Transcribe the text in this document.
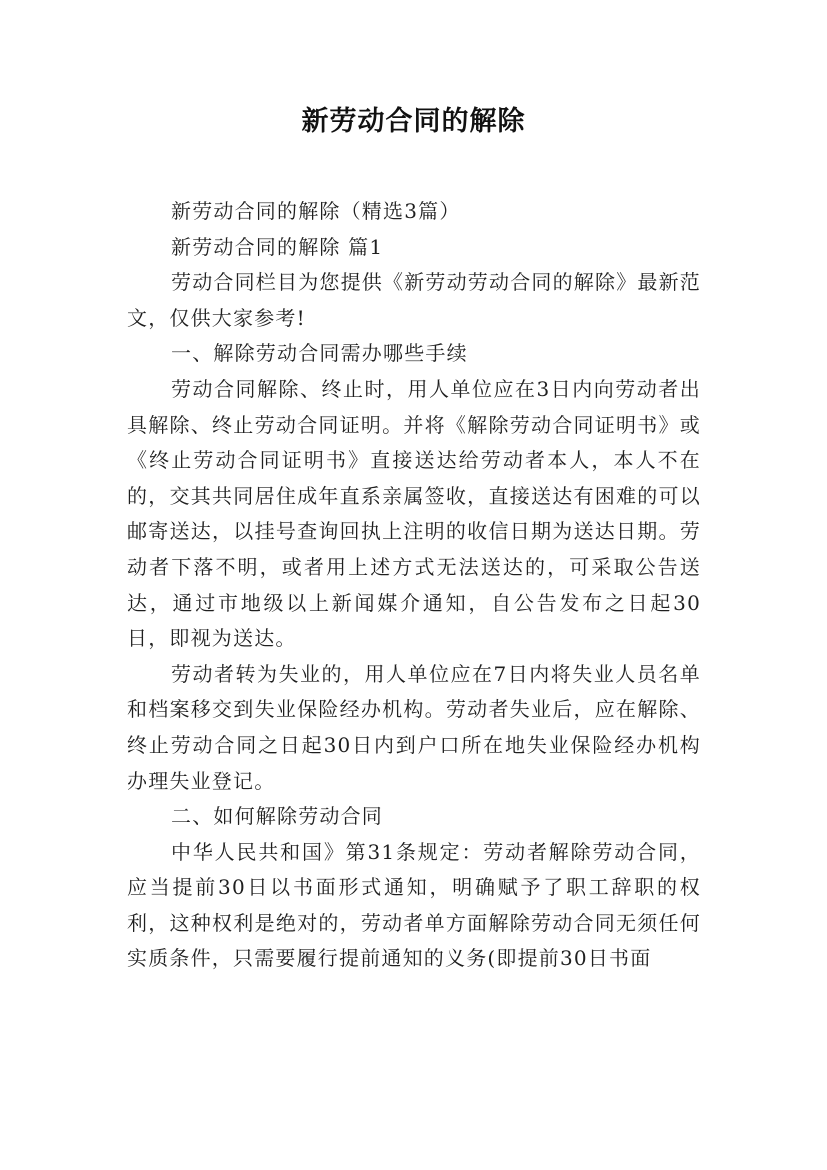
新劳动合同的解除

新劳动合同的解除（精选3篇）

新劳动合同的解除 篇1

劳动合同栏目为您提供《新劳动劳动合同的解除》最新范文，仅供大家参考!

一、解除劳动合同需办哪些手续

劳动合同解除、终止时，用人单位应在3日内向劳动者出具解除、终止劳动合同证明。并将《解除劳动合同证明书》或《终止劳动合同证明书》直接送达给劳动者本人，本人不在的，交其共同居住成年直系亲属签收，直接送达有困难的可以邮寄送达，以挂号查询回执上注明的收信日期为送达日期。劳动者下落不明，或者用上述方式无法送达的，可采取公告送达，通过市地级以上新闻媒介通知，自公告发布之日起30日，即视为送达。

劳动者转为失业的，用人单位应在7日内将失业人员名单和档案移交到失业保险经办机构。劳动者失业后，应在解除、终止劳动合同之日起30日内到户口所在地失业保险经办机构办理失业登记。

二、如何解除劳动合同

中华人民共和国》第31条规定：劳动者解除劳动合同，应当提前30日以书面形式通知，明确赋予了职工辞职的权利，这种权利是绝对的，劳动者单方面解除劳动合同无须任何实质条件，只需要履行提前通知的义务(即提前30日书面
